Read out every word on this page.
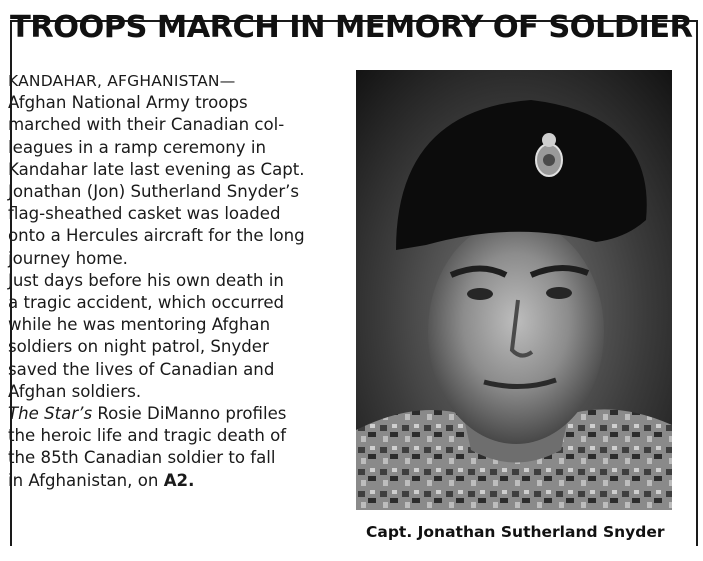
TROOPS MARCH IN MEMORY OF SOLDIER
KANDAHAR, AFGHANISTAN—
Afghan National Army troops
marched with their Canadian col-
leagues in a ramp ceremony in
Kandahar late last evening as Capt.
Jonathan (Jon) Sutherland Snyder’s
flag-sheathed casket was loaded
onto a Hercules aircraft for the long
journey home.
Just days before his own death in
a tragic accident, which occurred
while he was mentoring Afghan
soldiers on night patrol, Snyder
saved the lives of Canadian and
Afghan soldiers.
The Star’s Rosie DiManno profiles
the heroic life and tragic death of
the 85th Canadian soldier to fall
in Afghanistan, on A2.
Capt. Jonathan Sutherland Snyder
